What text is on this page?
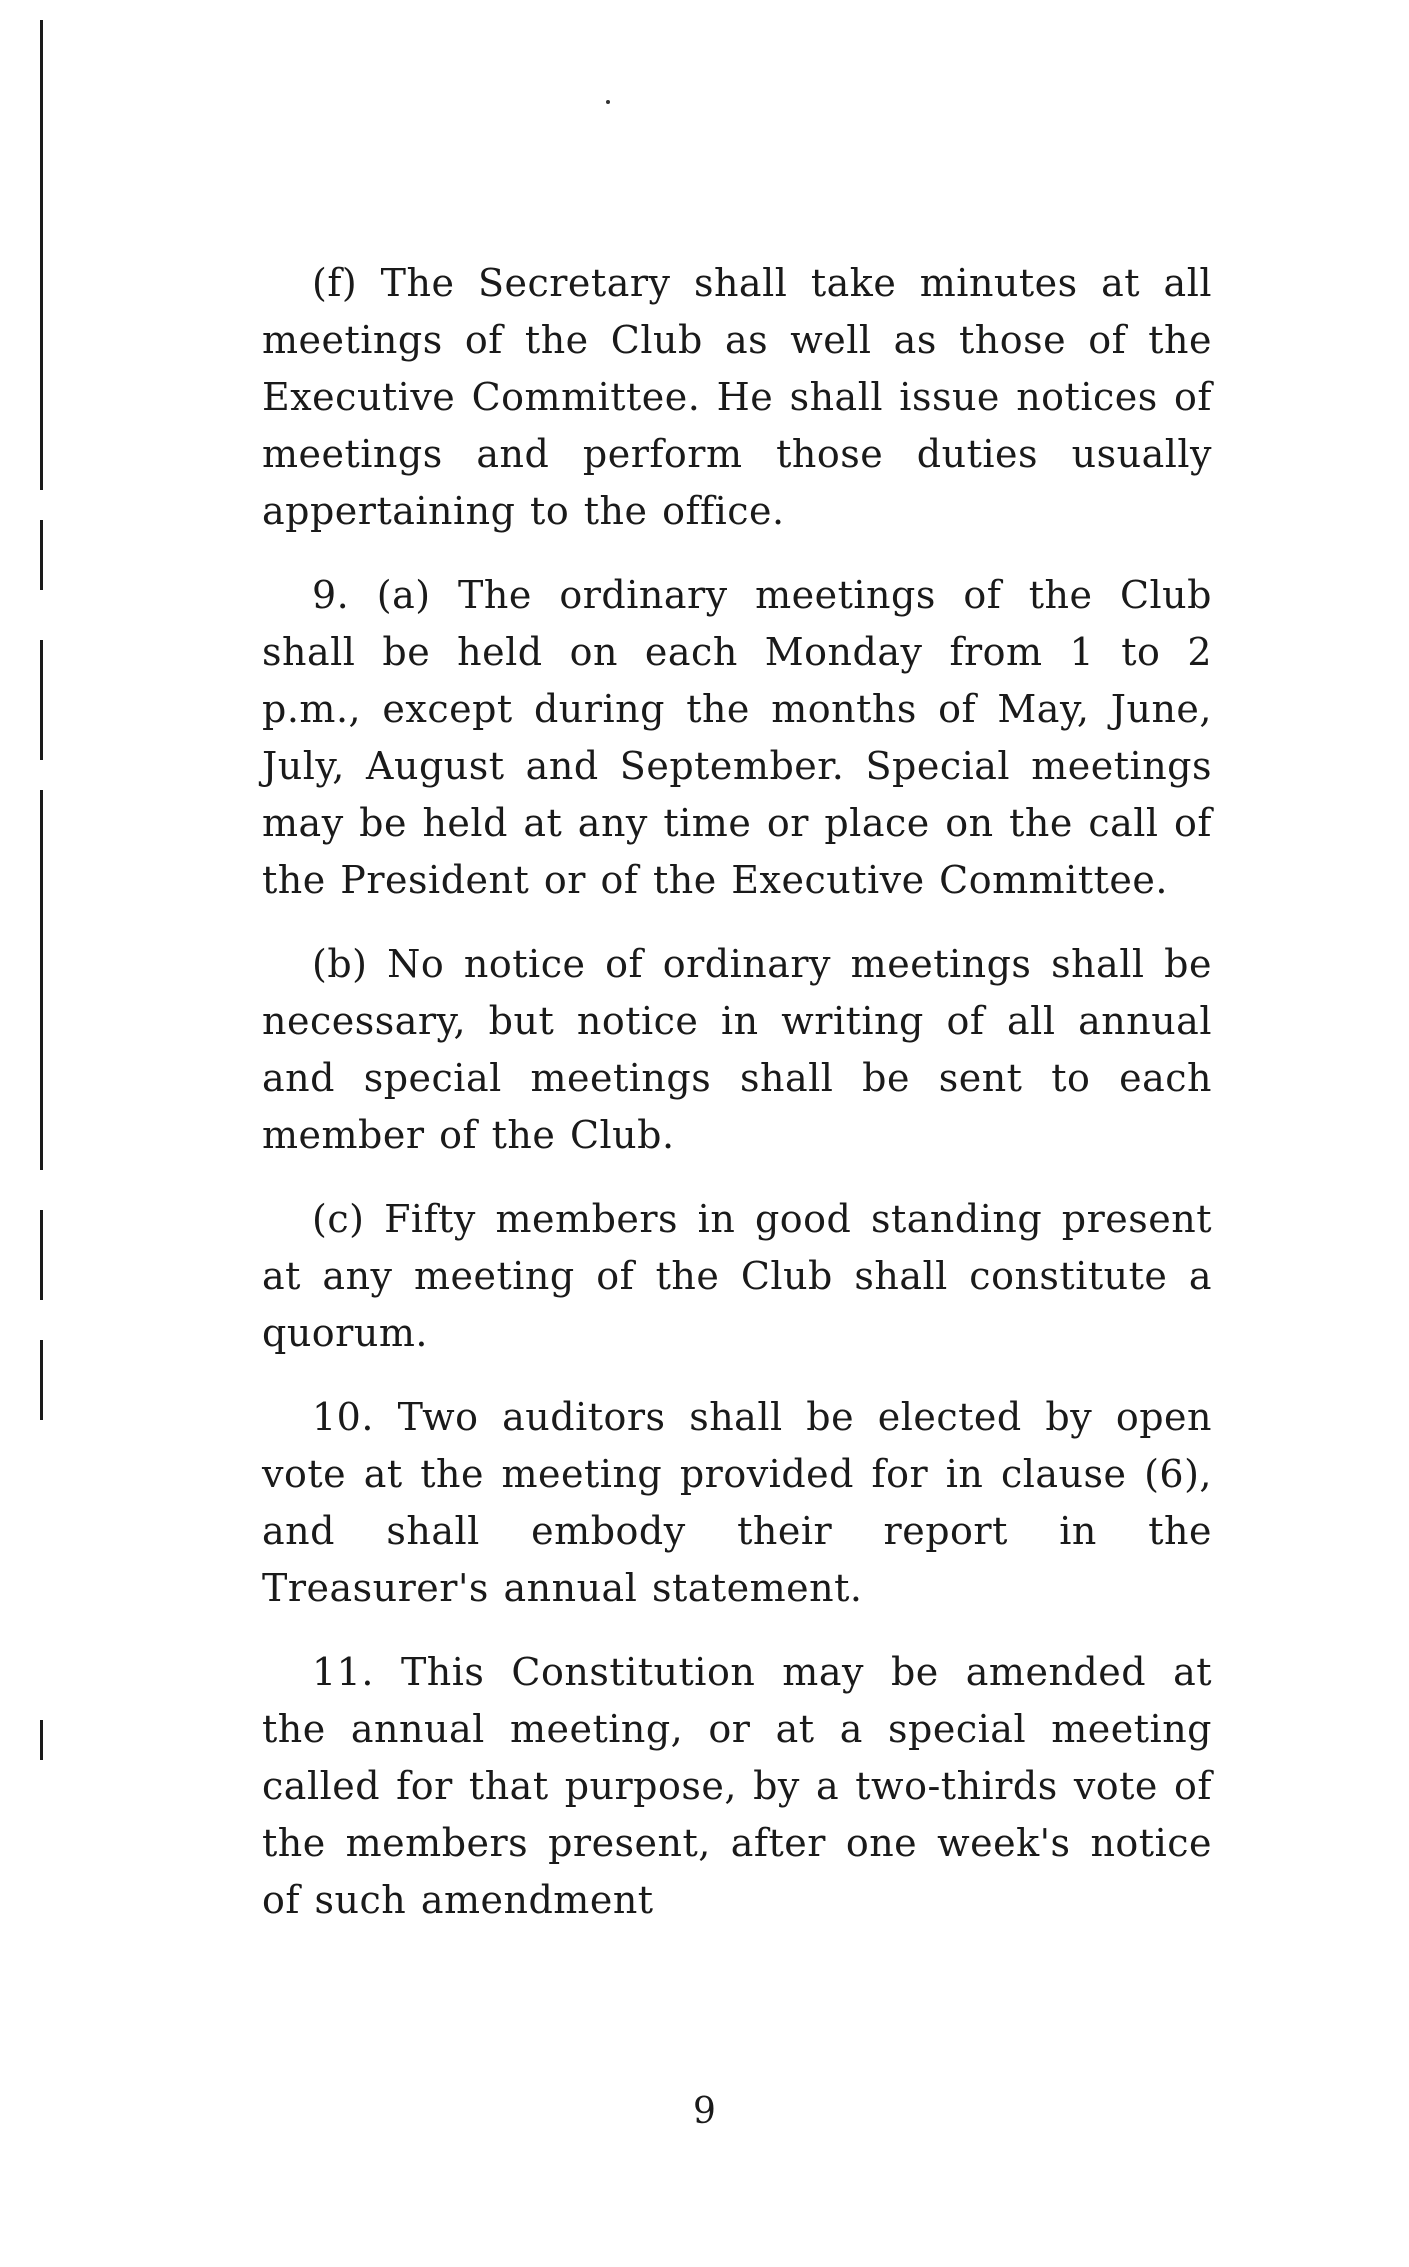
(f) The Secretary shall take minutes at all meetings of the Club as well as those of the Executive Committee. He shall issue notices of meetings and perform those duties usually appertaining to the office.

9. (a) The ordinary meetings of the Club shall be held on each Monday from 1 to 2 p.m., except during the months of May, June, July, August and September. Special meetings may be held at any time or place on the call of the President or of the Executive Committee.

(b) No notice of ordinary meetings shall be necessary, but notice in writing of all annual and special meetings shall be sent to each member of the Club.

(c) Fifty members in good standing present at any meeting of the Club shall constitute a quorum.

10. Two auditors shall be elected by open vote at the meeting provided for in clause (6), and shall embody their report in the Treasurer's annual statement.

11. This Constitution may be amended at the annual meeting, or at a special meeting called for that purpose, by a two-thirds vote of the members present, after one week's notice of such amendment

9
